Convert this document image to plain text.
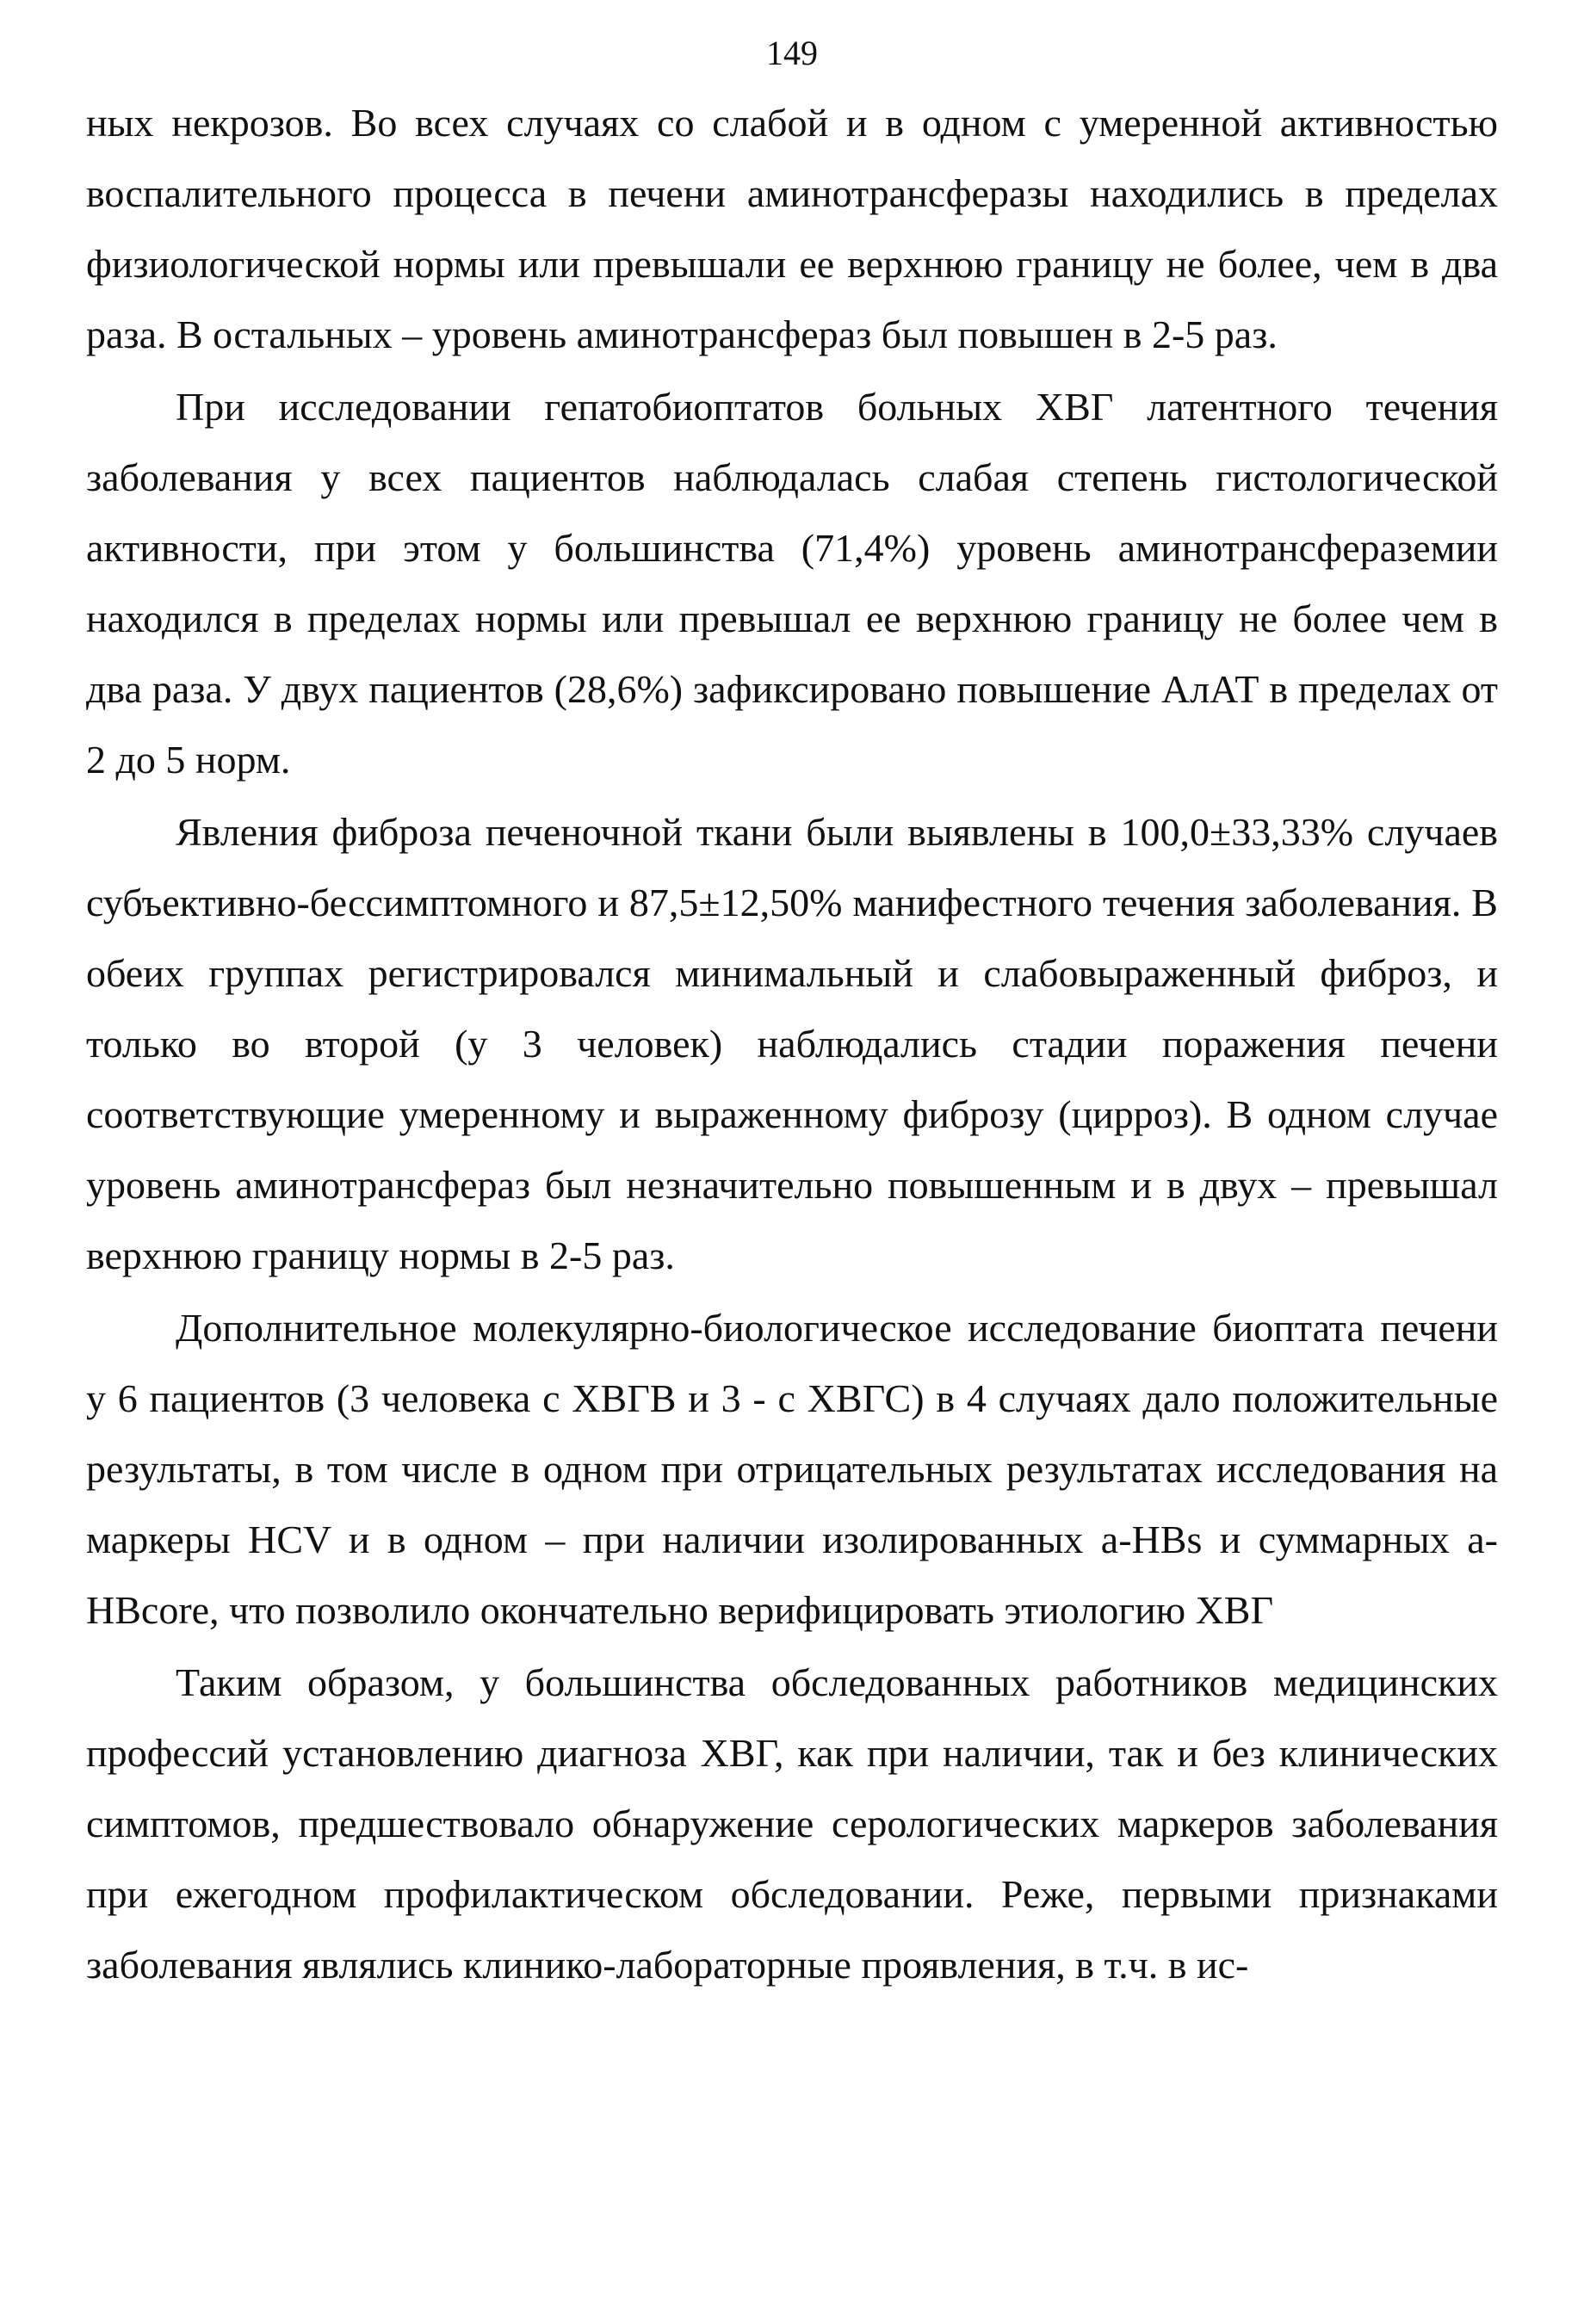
149

ных некрозов. Во всех случаях со слабой и в одном с умеренной активностью воспалительного процесса в печени аминотрансферазы находились в пределах физиологической нормы или превышали ее верхнюю границу не более, чем в два раза. В остальных – уровень аминотрансфераз был повышен в 2-5 раз.

При исследовании гепатобиоптатов больных ХВГ латентного течения заболевания у всех пациентов наблюдалась слабая степень гистологической активности, при этом у большинства (71,4%) уровень аминотрансфераземии находился в пределах нормы или превышал ее верхнюю границу не более чем в два раза. У двух пациентов (28,6%) зафиксировано повышение АлАТ в пределах от 2 до 5 норм.

Явления фиброза печеночной ткани были выявлены в 100,0±33,33% случаев субъективно-бессимптомного и 87,5±12,50% манифестного течения заболевания. В обеих группах регистрировался минимальный и слабовыраженный фиброз, и только во второй (у 3 человек) наблюдались стадии поражения печени соответствующие умеренному и выраженному фиброзу (цирроз). В одном случае уровень аминотрансфераз был незначительно повышенным и в двух – превышал верхнюю границу нормы в 2-5 раз.

Дополнительное молекулярно-биологическое исследование биоптата печени у 6 пациентов (3 человека с ХВГВ и 3 - с ХВГС) в 4 случаях дало положительные результаты, в том числе в одном при отрицательных результатах исследования на маркеры HCV и в одном – при наличии изолированных a-HBs и суммарных a-HBcore, что позволило окончательно верифицировать этиологию ХВГ

Таким образом, у большинства обследованных работников медицинских профессий установлению диагноза ХВГ, как при наличии, так и без клинических симптомов, предшествовало обнаружение серологических маркеров заболевания при ежегодном профилактическом обследовании. Реже, первыми признаками заболевания являлись клинико-лабораторные проявления, в т.ч. в ис-
